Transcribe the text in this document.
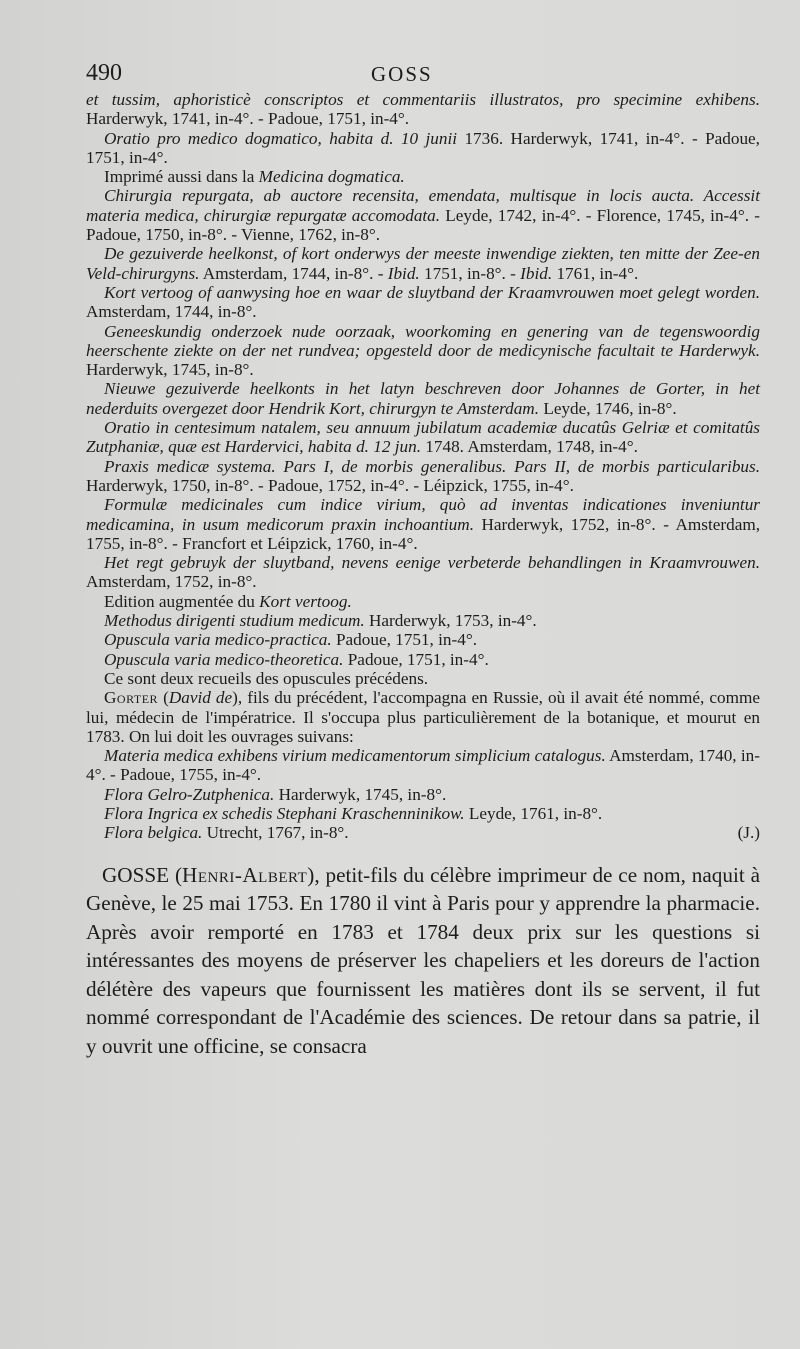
490	GOSS

et tussim, aphoristicè conscriptos et commentariis illustratos, pro specimine exhibens. Harderwyk, 1741, in-4°. - Padoue, 1751, in-4°.

Oratio pro medico dogmatico, habita d. 10 junii 1736. Harderwyk, 1741, in-4°. - Padoue, 1751, in-4°.

Imprimé aussi dans la Medicina dogmatica.

Chirurgia repurgata, ab auctore recensita, emendata, multisque in locis aucta. Accessit materia medica, chirurgiæ repurgatæ accomodata. Leyde, 1742, in-4°. - Florence, 1745, in-4°. - Padoue, 1750, in-8°. - Vienne, 1762, in-8°.

De gezuiverde heelkonst, of kort onderwys der meeste inwendige ziekten, ten mitte der Zee-en Veld-chirurgyns. Amsterdam, 1744, in-8°. - Ibid. 1751, in-8°. - Ibid. 1761, in-4°.

Kort vertoog of aanwysing hoe en waar de sluytband der Kraamvrouwen moet gelegt worden. Amsterdam, 1744, in-8°.

Geneeskundig onderzoek nude oorzaak, woorkoming en genering van de tegenswoordig heerschente ziekte on der net rundvea; opgesteld door de medicynische facultait te Harderwyk. Harderwyk, 1745, in-8°.

Nieuwe gezuiverde heelkonts in het latyn beschreven door Johannes de Gorter, in het nederduits overgezet door Hendrik Kort, chirurgyn te Amsterdam. Leyde, 1746, in-8°.

Oratio in centesimum natalem, seu annuum jubilatum academiæ ducatûs Gelriæ et comitatûs Zutphaniæ, quæ est Hardervici, habita d. 12 jun. 1748. Amsterdam, 1748, in-4°.

Praxis medicæ systema. Pars I, de morbis generalibus. Pars II, de morbis particularibus. Harderwyk, 1750, in-8°. - Padoue, 1752, in-4°. - Léipzick, 1755, in-4°.

Formulæ medicinales cum indice virium, quò ad inventas indicationes inveniuntur medicamina, in usum medicorum praxin inchoantium. Harderwyk, 1752, in-8°. - Amsterdam, 1755, in-8°. - Francfort et Léipzick, 1760, in-4°.

Het regt gebruyk der sluytband, nevens eenige verbeterde behandlingen in Kraamvrouwen. Amsterdam, 1752, in-8°.

Edition augmentée du Kort vertoog.

Methodus dirigenti studium medicum. Harderwyk, 1753, in-4°.

Opuscula varia medico-practica. Padoue, 1751, in-4°.

Opuscula varia medico-theoretica. Padoue, 1751, in-4°.

Ce sont deux recueils des opuscules précédens.

Gorter (David de), fils du précédent, l'accompagna en Russie, où il avait été nommé, comme lui, médecin de l'impératrice. Il s'occupa plus particulièrement de la botanique, et mourut en 1783. On lui doit les ouvrages suivans:

Materia medica exhibens virium medicamentorum simplicium catalogus. Amsterdam, 1740, in-4°. - Padoue, 1755, in-4°.

Flora Gelro-Zutphenica. Harderwyk, 1745, in-8°.

Flora Ingrica ex schedis Stephani Kraschenninikow. Leyde, 1761, in-8°.

Flora belgica. Utrecht, 1767, in-8°.	(J.)

GOSSE (Henri-Albert), petit-fils du célèbre imprimeur de ce nom, naquit à Genève, le 25 mai 1753. En 1780 il vint à Paris pour y apprendre la pharmacie. Après avoir remporté en 1783 et 1784 deux prix sur les questions si intéressantes des moyens de préserver les chapeliers et les doreurs de l'action délétère des vapeurs que fournissent les matières dont ils se servent, il fut nommé correspondant de l'Académie des sciences. De retour dans sa patrie, il y ouvrit une officine, se consacra
